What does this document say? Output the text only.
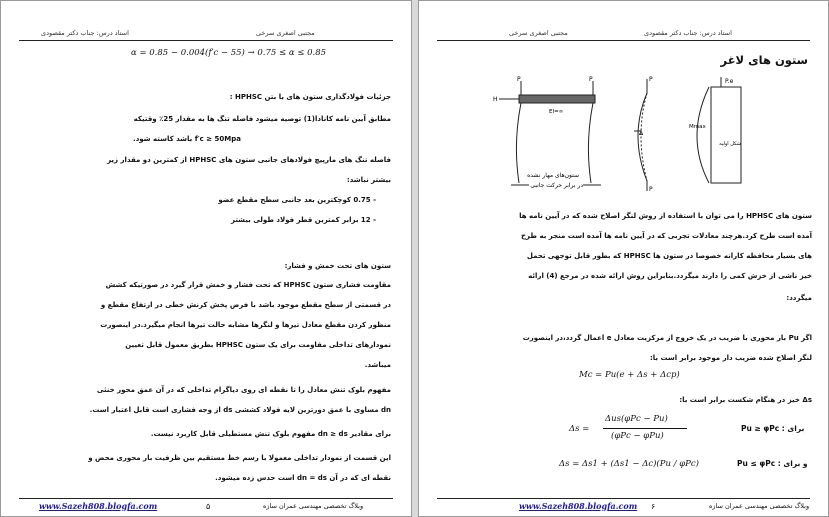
استاد درس: جناب دکتر مقصودی	مجتبی اصغری سرخی
α = 0.85 − 0.004(f′c − 55) → 0.75 ≤ α ≤ 0.85
جزئیات فولادگذاری ستون های با بتن HPHSC :
مطابق آیین نامه کانادا(1) توصیه میشود فاصله تنگ ها به مقدار 25٪ وقتیکه
f′c ≥ 50Mpa باشد کاسته شود.
فاصله تنگ های مارپیچ فولادهای جانبی ستون های HPHSC از کمترین دو مقدار زیر
بیشتر نباشد:
- 0.75 کوچکترین بعد جانبی سطح مقطع عضو
- 12 برابر کمترین قطر فولاد طولی بیشتر
ستون های تحت خمش و فشار:
مقاومت فشاری ستون HPHSC که تحت فشار و خمش قرار گیرد در صورتیکه کشش
در قسمتی از سطح مقطع موجود باشد با فرض پخش کرنش خطی در ارتفاع مقطع و
منظور کردن مقطع معادل تیرها و لنگرها مشابه حالت تیرها انجام میگیرد.در اینصورت
نمودارهای تداخلی مقاومت برای یک ستون HPHSC بطریق معمول قابل تعیین
میباشد.
مفهوم بلوک تنش معادل را تا نقطه ای روی دیاگرام تداخلی که در آن عمق محور خنثی
dn مساوی با عمق دورترین لایه فولاد کششی ds از وجه فشاری است قابل اعتبار است.
برای مقادیر dn ≥ ds مفهوم بلوک تنش مستطیلی قابل کاربرد نیست.
این قسمت از نمودار تداخلی معمولا با رسم خط مستقیم بین ظرفیت بار محوری محض و
نقطه ای که در آن dn = ds است حدس زده میشود.
www.Sazeh808.blogfa.com	۵	وبلاگ تخصصی مهندسی عمران سازه
مجتبی اصغری سرخی	استاد درس: جناب دکتر مقصودی
ستون های لاغر
P	P
H
EI=∞
ستون‌های مهار نشده
در برابر حرکت جانبی
P
P
Δ
P.e
Mmax
شکل اولیه
ستون های HPHSC را می توان با استفاده از روش لنگر اصلاح شده که در آیین نامه ها
آمده است طرح کرد.هرچند معادلات تجربی که در آیین نامه ها آمده است منجر به طرح
های بسیار محافظه کارانه خصوصا در ستون ها HPHSC که بطور قابل توجهی تحمل
خیز ناشی از خزش کمی را دارند میگردد.بنابراین روش ارائه شده در مرجع (4) ارائه
میگردد:
اگر Pu بار محوری با ضریب در یک خروج از مرکزیت معادل e اعمال گردد،در اینصورت
لنگر اصلاح شده ضریب دار موجود برابر است با:
Mc = Pu(e + Δs + Δcp)
Δs خیز در هنگام شکست برابر است با:
Δs =
Δus(φPc − Pu)
(φPc − φPu)
برای : Pu ≥ φPc
Δs = Δs1 + (Δs1 − Δc)(Pu / φPc)	و برای : Pu ≤ φPc
www.Sazeh808.blogfa.com ۶	وبلاگ تخصصی مهندسی عمران سازه
